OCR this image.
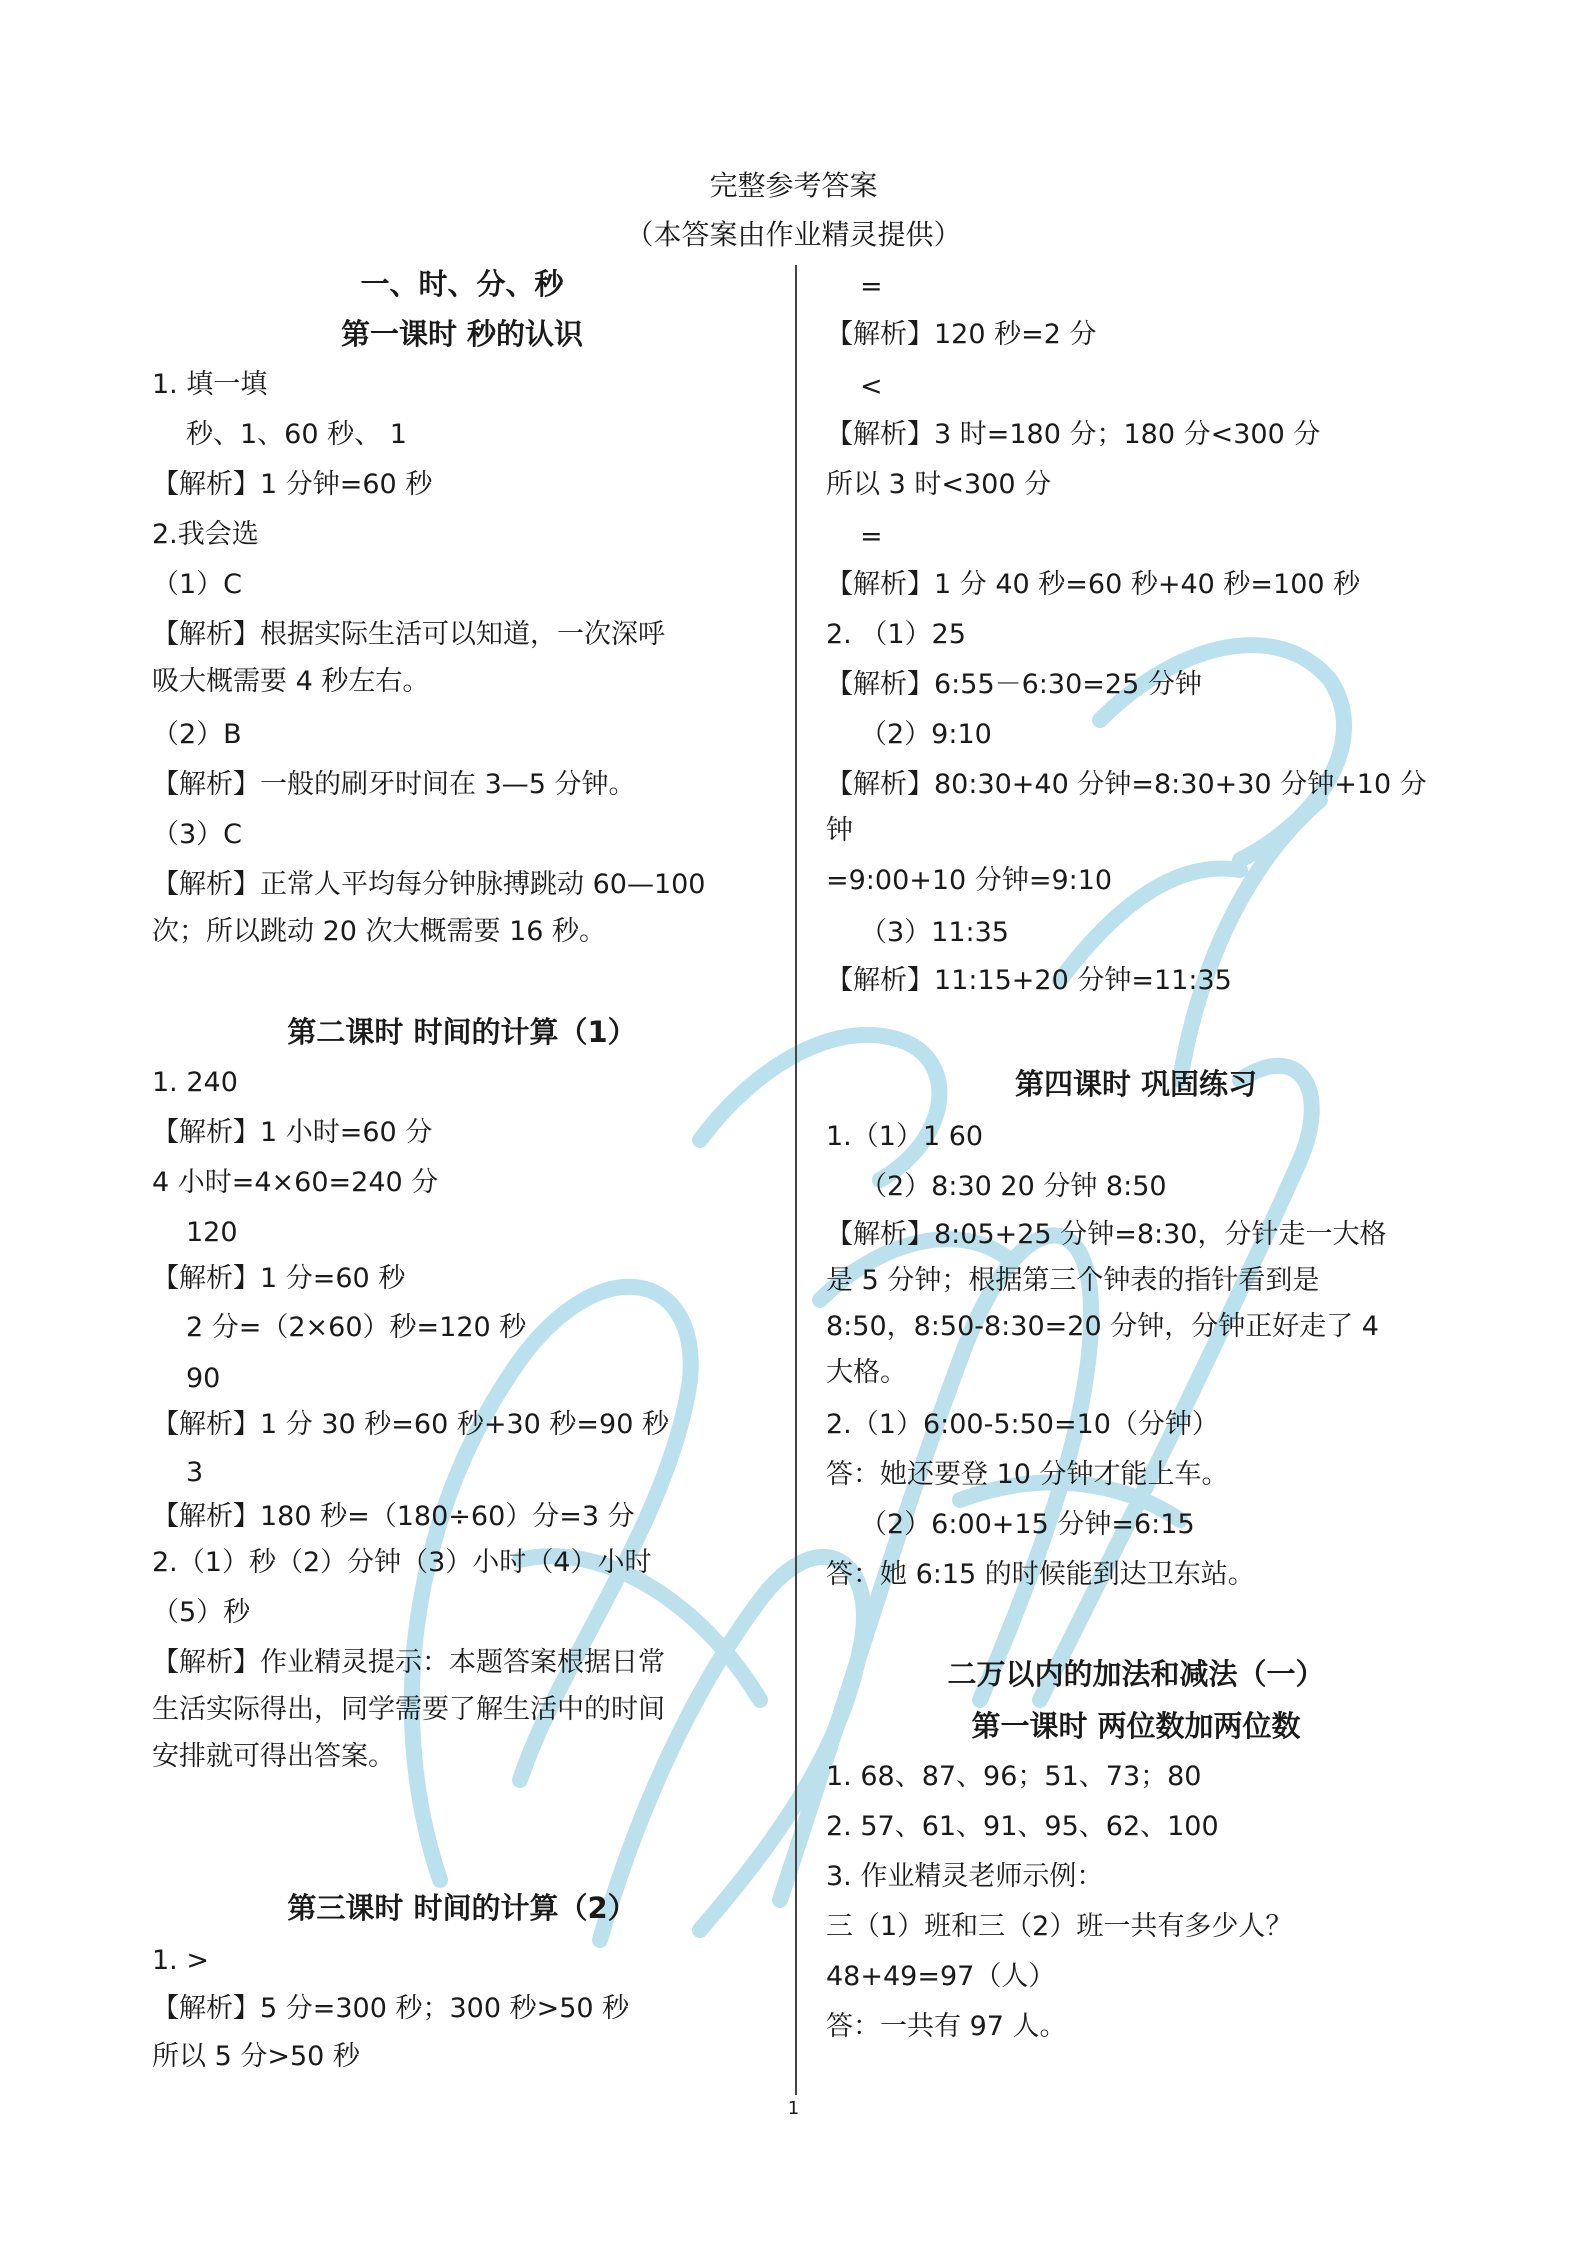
完整参考答案
（本答案由作业精灵提供）
一、时、分、秒
第一课时 秒的认识
1. 填一填
秒、1、60 秒、 1
【解析】1 分钟=60 秒
2.我会选
（1）C
【解析】根据实际生活可以知道，一次深呼
吸大概需要 4 秒左右。
（2）B
【解析】一般的刷牙时间在 3—5 分钟。
（3）C
【解析】正常人平均每分钟脉搏跳动 60—100
次；所以跳动 20 次大概需要 16 秒。
第二课时 时间的计算（1）
1. 240
【解析】1 小时=60 分
4 小时=4×60=240 分
120
【解析】1 分=60 秒
2 分=（2×60）秒=120 秒
90
【解析】1 分 30 秒=60 秒+30 秒=90 秒
3
【解析】180 秒=（180÷60）分=3 分
2.（1）秒（2）分钟（3）小时（4）小时
（5）秒
【解析】作业精灵提示：本题答案根据日常
生活实际得出，同学需要了解生活中的时间
安排就可得出答案。
第三课时 时间的计算（2）
1. >
【解析】5 分=300 秒；300 秒>50 秒
所以 5 分>50 秒
=
【解析】120 秒=2 分
<
【解析】3 时=180 分；180 分<300 分
所以 3 时<300 分
=
【解析】1 分 40 秒=60 秒+40 秒=100 秒
2. （1）25
【解析】6:55－6:30=25 分钟
（2）9:10
【解析】80:30+40 分钟=8:30+30 分钟+10 分
钟
=9:00+10 分钟=9:10
（3）11:35
【解析】11:15+20 分钟=11:35
第四课时 巩固练习
1.（1）1 60
（2）8:30 20 分钟 8:50
【解析】8:05+25 分钟=8:30，分针走一大格
是 5 分钟；根据第三个钟表的指针看到是
8:50，8:50-8:30=20 分钟，分钟正好走了 4
大格。
2.（1）6:00-5:50=10（分钟）
答：她还要登 10 分钟才能上车。
（2）6:00+15 分钟=6:15
答：她 6:15 的时候能到达卫东站。
二万以内的加法和减法（一）
第一课时 两位数加两位数
1. 68、87、96；51、73；80
2. 57、61、91、95、62、100
3. 作业精灵老师示例：
三（1）班和三（2）班一共有多少人？
48+49=97（人）
答：一共有 97 人。
1
